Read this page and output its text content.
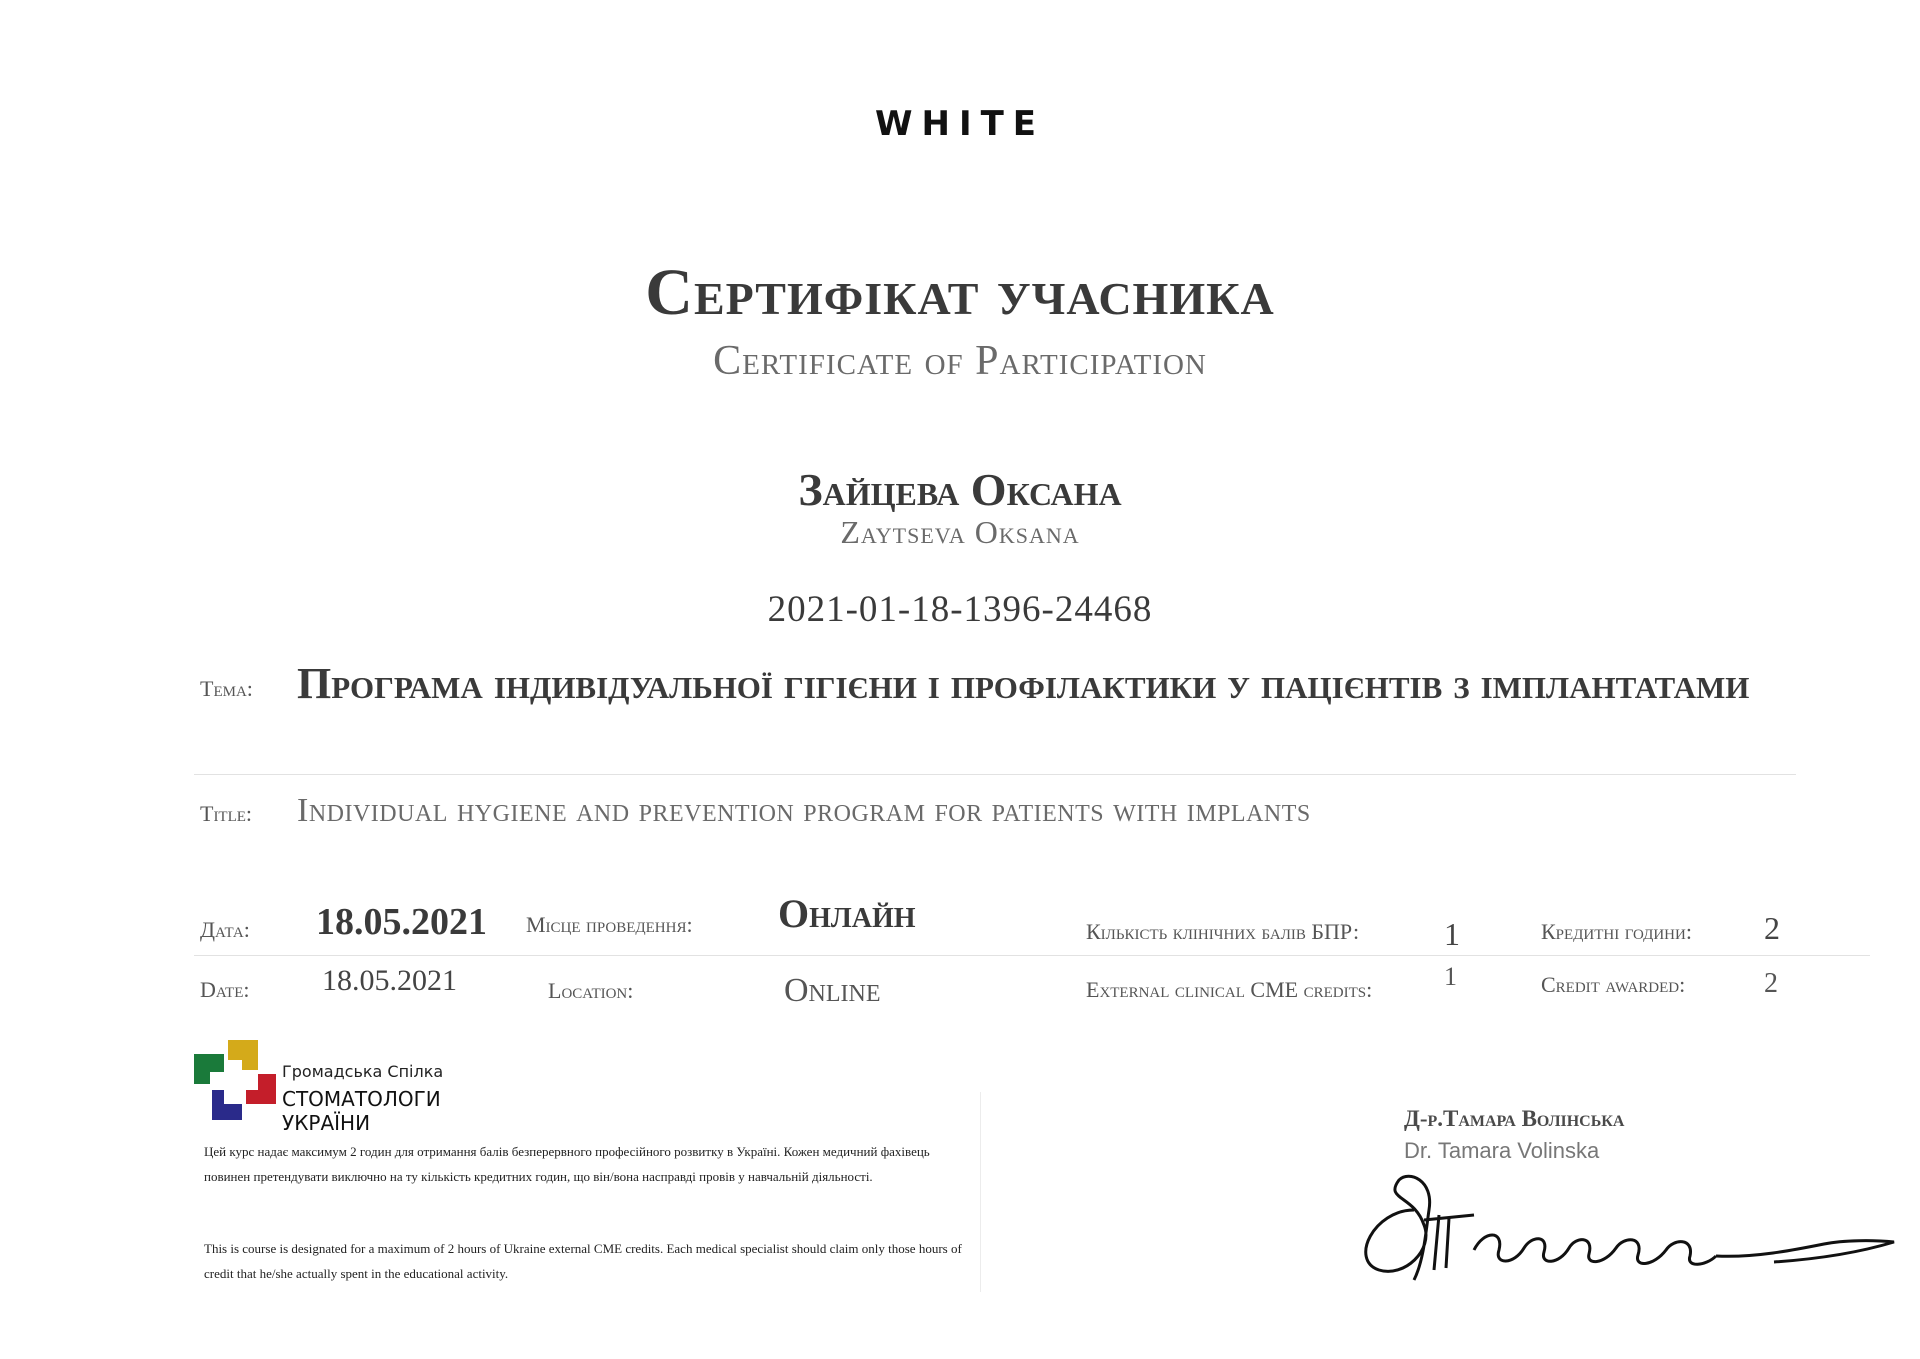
WHITE
Сертифікат учасника
Certificate of Participation
Зайцева Оксана
Zaytseva Oksana
2021-01-18-1396-24468
Тема: Програма індивідуальної гігієни і профілактики у пацієнтів з імплантатами
Title: Individual hygiene and prevention program for patients with implants
Дата: 18.05.2021 Місце проведення: Онлайн	Кількість клінічних балів БПР:	1	Кредитні години: 2
Date: 18.05.2021	Location:	Online	External clinical CME credits:	1	Credit awarded:	2
Громадська Спілка
СТОМАТОЛОГИ УКРАЇНИ
Цей курс надає максимум 2 годин для отримання балів безперервного професійного розвитку в Україні. Кожен медичний фахівець повинен претендувати виключно на ту кількість кредитних годин, що він/вона насправді провів у навчальній діяльності.
This is course is designated for a maximum of 2 hours of Ukraine external CME credits. Each medical specialist should claim only those hours of credit that he/she actually spent in the educational activity.
Д-р.Тамара Волінська
Dr. Tamara Volinska
